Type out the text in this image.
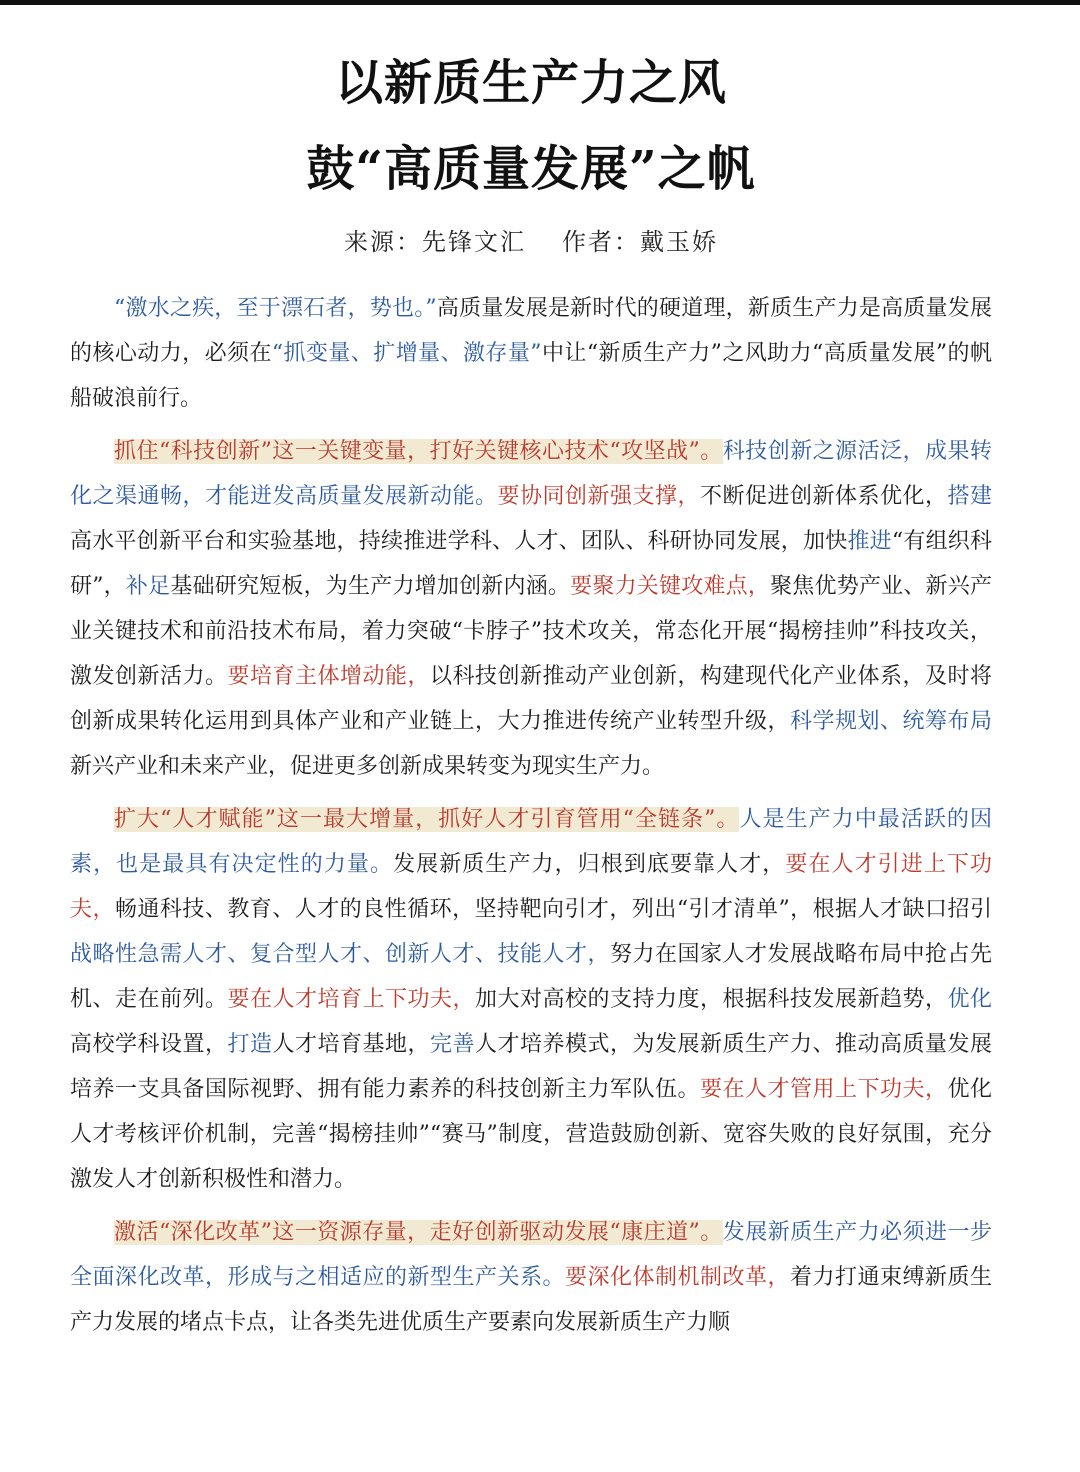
以新质生产力之风
鼓“高质量发展”之帆
来源：先锋文汇 作者：戴玉娇

“激水之疾，至于漂石者，势也。”高质量发展是新时代的硬道理，新质生产力是高质量发展的核心动力，必须在“抓变量、扩增量、激存量”中让“新质生产力”之风助力“高质量发展”的帆船破浪前行。

抓住“科技创新”这一关键变量，打好关键核心技术“攻坚战”。科技创新之源活泛，成果转化之渠通畅，才能迸发高质量发展新动能。要协同创新强支撑，不断促进创新体系优化，搭建高水平创新平台和实验基地，持续推进学科、人才、团队、科研协同发展，加快推进“有组织科研”，补足基础研究短板，为生产力增加创新内涵。要聚力关键攻难点，聚焦优势产业、新兴产业关键技术和前沿技术布局，着力突破“卡脖子”技术攻关，常态化开展“揭榜挂帅”科技攻关，激发创新活力。要培育主体增动能，以科技创新推动产业创新，构建现代化产业体系，及时将创新成果转化运用到具体产业和产业链上，大力推进传统产业转型升级，科学规划、统筹布局新兴产业和未来产业，促进更多创新成果转变为现实生产力。

扩大“人才赋能”这一最大增量，抓好人才引育管用“全链条”。人是生产力中最活跃的因素，也是最具有决定性的力量。发展新质生产力，归根到底要靠人才，要在人才引进上下功夫，畅通科技、教育、人才的良性循环，坚持靶向引才，列出“引才清单”，根据人才缺口招引战略性急需人才、复合型人才、创新人才、技能人才，努力在国家人才发展战略布局中抢占先机、走在前列。要在人才培育上下功夫，加大对高校的支持力度，根据科技发展新趋势，优化高校学科设置，打造人才培育基地，完善人才培养模式，为发展新质生产力、推动高质量发展培养一支具备国际视野、拥有能力素养的科技创新主力军队伍。要在人才管用上下功夫，优化人才考核评价机制，完善“揭榜挂帅”“赛马”制度，营造鼓励创新、宽容失败的良好氛围，充分激发人才创新积极性和潜力。

激活“深化改革”这一资源存量，走好创新驱动发展“康庄道”。发展新质生产力必须进一步全面深化改革，形成与之相适应的新型生产关系。要深化体制机制改革，着力打通束缚新质生产力发展的堵点卡点，让各类先进优质生产要素向发展新质生产力顺
